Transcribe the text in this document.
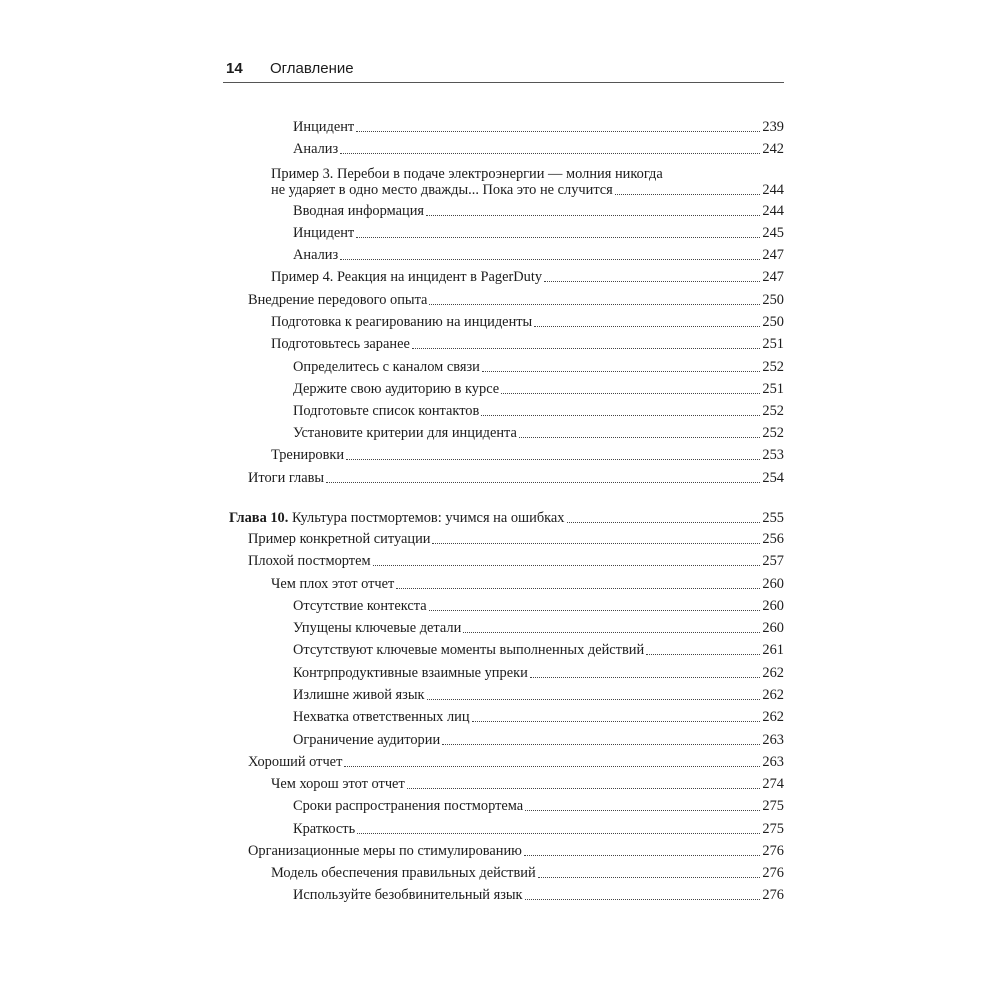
14 Оглавление
Инцидент	239
Анализ	242
Пример 3. Перебои в подаче электроэнергии — молния никогда
не ударяет в одно место дважды... Пока это не случится	244
Вводная информация	244
Инцидент	245
Анализ	247
Пример 4. Реакция на инцидент в PagerDuty	247
Внедрение передового опыта	250
Подготовка к реагированию на инциденты	250
Подготовьтесь заранее	251
Определитесь с каналом связи	252
Держите свою аудиторию в курсе	251
Подготовьте список контактов	252
Установите критерии для инцидента	252
Тренировки	253
Итоги главы	254
Глава 10. Культура постмортемов: учимся на ошибках	255
Пример конкретной ситуации	256
Плохой постмортем	257
Чем плох этот отчет	260
Отсутствие контекста	260
Упущены ключевые детали	260
Отсутствуют ключевые моменты выполненных действий	261
Контрпродуктивные взаимные упреки	262
Излишне живой язык	262
Нехватка ответственных лиц	262
Ограничение аудитории	263
Хороший отчет	263
Чем хорош этот отчет	274
Сроки распространения постмортема	275
Краткость	275
Организационные меры по стимулированию	276
Модель обеспечения правильных действий	276
Используйте безобвинительный язык	276
